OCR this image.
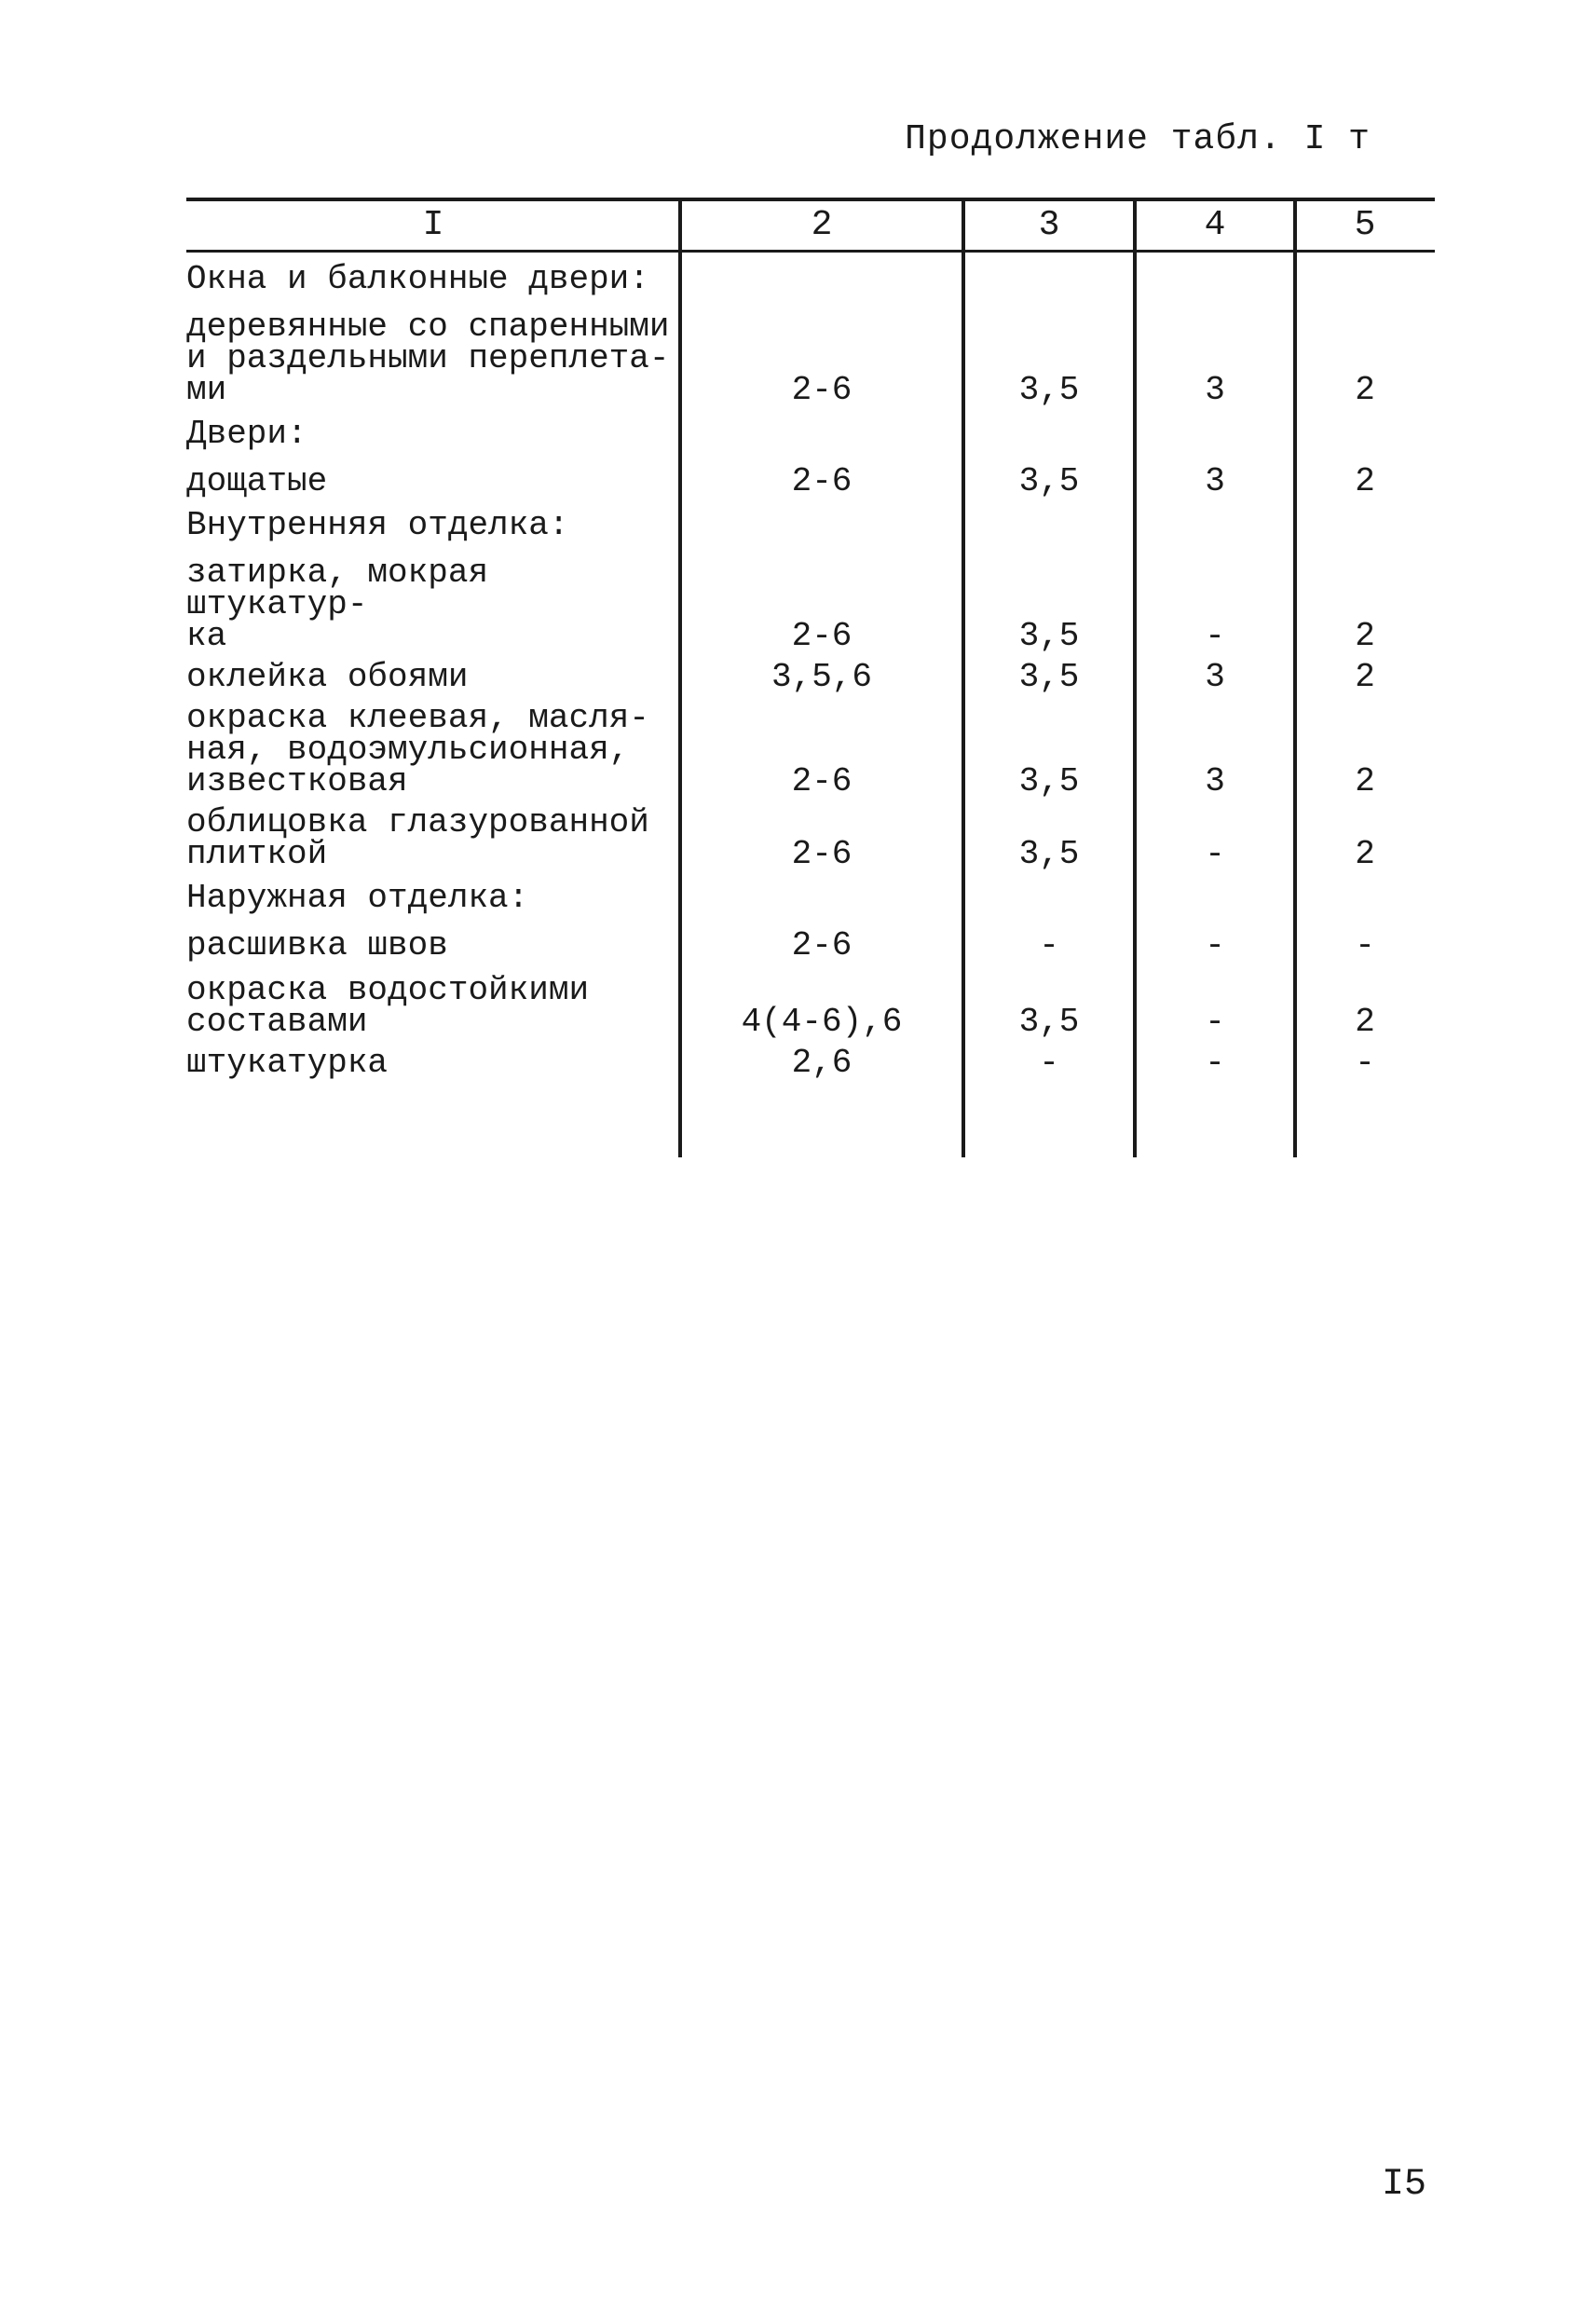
Продолжение табл. I т
I	2	3	4	5
Окна и балконные двери:
деревянные со спаренными
и раздельными переплета-
ми	2-6	3,5	3	2
Двери:
дощатые	2-6	3,5	3	2
Внутренняя отделка:
затирка, мокрая штукатур-
ка	2-6	3,5	-	2
оклейка обоями	3,5,6	3,5	3	2
окраска клеевая, масля-
ная, водоэмульсионная,
известковая	2-6	3,5	3	2
облицовка глазурованной
плиткой	2-6	3,5	-	2
Наружная отделка:
расшивка швов	2-6	-	-	-
окраска водостойкими
составами	4(4-6),6	3,5	-	2
штукатурка	2,6	-	-	-
I5
